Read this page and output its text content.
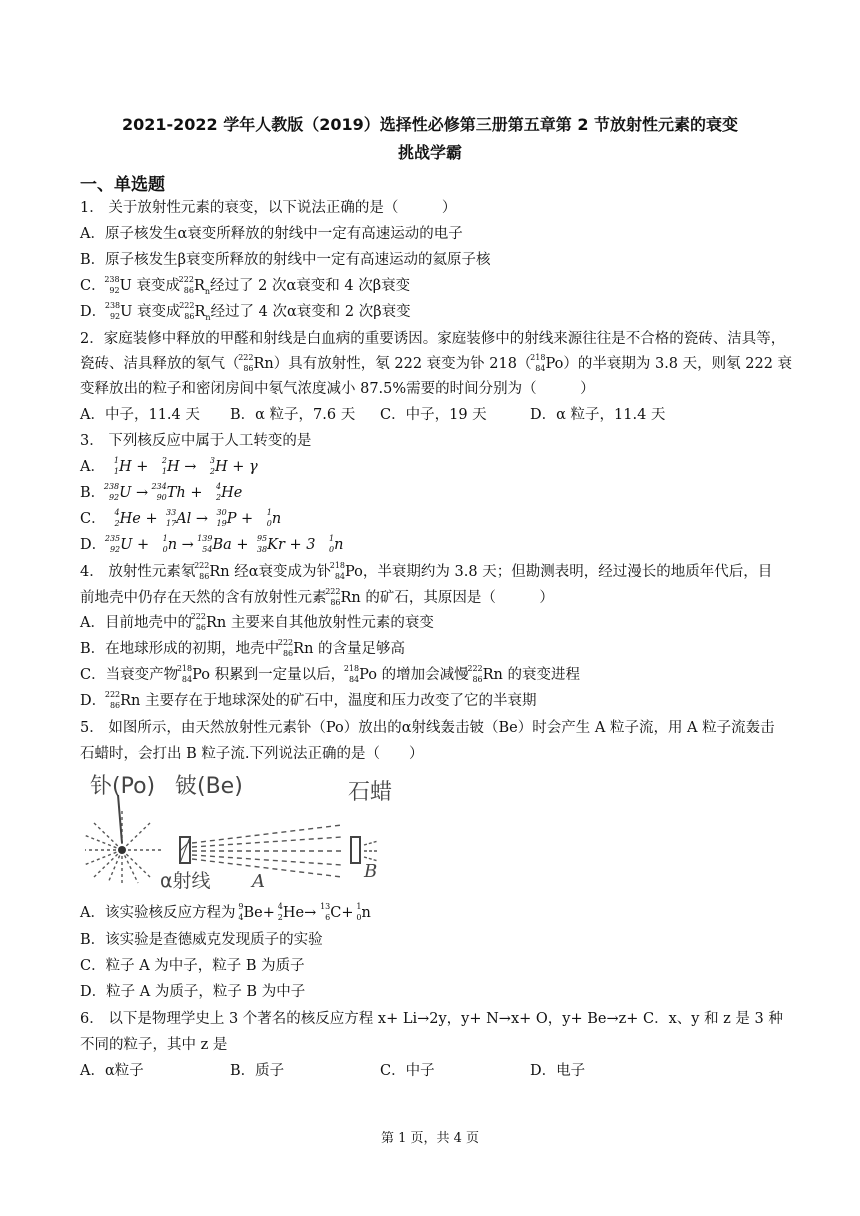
2021-2022 学年人教版（2019）选择性必修第三册第五章第 2 节放射性元素的衰变
挑战学霸
一、单选题
1． 关于放射性元素的衰变，以下说法正确的是（　　　）
A．原子核发生α衰变所释放的射线中一定有高速运动的电子
B．原子核发生β衰变所释放的射线中一定有高速运动的氦原子核
C．
238
92 U 衰变成
222
86 $R_n$经过了 2 次α衰变和 4 次β衰变
D．
238
92 U 衰变成
222
86 $R_n$经过了 4 次α衰变和 2 次β衰变
2．家庭装修中释放的甲醛和射线是白血病的重要诱因。家庭装修中的射线来源往往是不合格的瓷砖、洁具等，
瓷砖、洁具释放的氡气（
222
86 Rn）具有放射性，氡 222 衰变为钋 218（
218
84 Po）的半衰期为 3.8 天，则氡 222 衰
变释放出的粒子和密闭房间中氡气浓度减小 87.5%需要的时间分别为（　　　）
A．中子，11.4 天 B．α 粒子，7.6 天 C．中子，19 天	D．α 粒子，11.4 天
3． 下列核反应中属于人工转变的是
A． 1
1 H + 2
1 H → 3
2 H + γ
B．
238
92 U →
234
90 Th + 4
2 He
C． 4
2 He + 33
17 Al → 30
19 P + 1
0 n
D．
235
92 U + 1
0 n →
139
54 Ba + 95
38 Kr + 3 1
0 n
4． 放射性元素氡
222
86 Rn 经α衰变成为钋
218
84 Po，半衰期约为 3.8 天；但勘测表明，经过漫长的地质年代后，目
前地壳中仍存在天然的含有放射性元素
222
86 Rn 的矿石，其原因是（　　　）
A．目前地壳中的
222
86 Rn 主要来自其他放射性元素的衰变
B．在地球形成的初期，地壳中
222
86 Rn 的含量足够高
C．当衰变产物
218
84 Po 积累到一定量以后，
218
84 Po 的增加会减慢
222
86 Rn 的衰变进程
D．
222
86 Rn 主要存在于地球深处的矿石中，温度和压力改变了它的半衰期
5． 如图所示，由天然放射性元素钋（Po）放出的α射线轰击铍（Be）时会产生 A 粒子流，用 A 粒子流轰击
石蜡时，会打出 B 粒子流.下列说法正确的是（　　）
钋(Po) 铍(Be)	石蜡
α射线 A	B
A．该实验核反应方程为 9
4 Be+ 4
2 He→ 13
6 C+ 1
0 n
B．该实验是查德威克发现质子的实验
C．粒子 A 为中子，粒子 B 为质子
D．粒子 A 为质子，粒子 B 为中子
6． 以下是物理学史上 3 个著名的核反应方程 x+ Li→2y，y+ N→x+ O，y+ Be→z+ C．x、y 和 z 是 3 种
不同的粒子，其中 z 是
A．α粒子	B．质子	C．中子	D．电子
第 1 页，共 4 页
